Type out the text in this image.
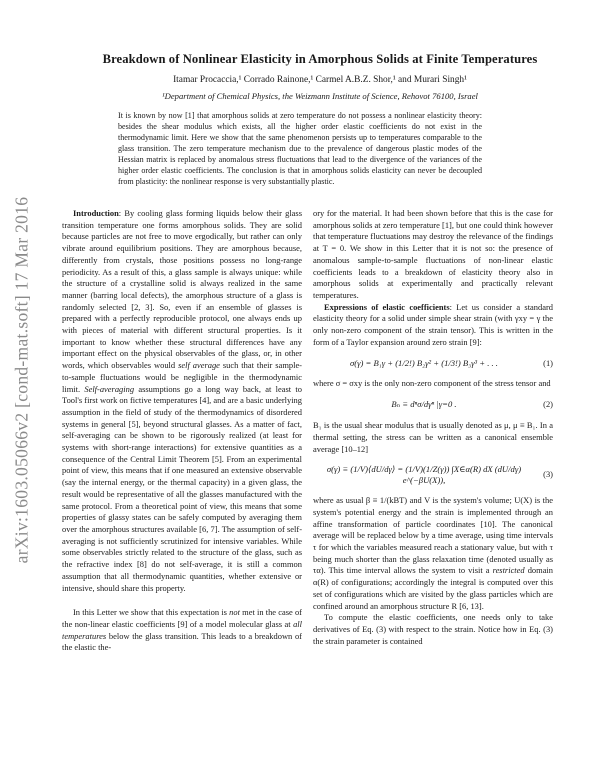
arXiv:1603.05066v2 [cond-mat.soft] 17 Mar 2016
Breakdown of Nonlinear Elasticity in Amorphous Solids at Finite Temperatures
Itamar Procaccia,¹ Corrado Rainone,¹ Carmel A.B.Z. Shor,¹ and Murari Singh¹
¹Department of Chemical Physics, the Weizmann Institute of Science, Rehovot 76100, Israel
It is known by now [1] that amorphous solids at zero temperature do not possess a nonlinear elasticity theory: besides the shear modulus which exists, all the higher order elastic coefficients do not exist in the thermodynamic limit. Here we show that the same phenomenon persists up to temperatures comparable to the glass transition. The zero temperature mechanism due to the prevalence of dangerous plastic modes of the Hessian matrix is replaced by anomalous stress fluctuations that lead to the divergence of the variances of the higher order elastic coefficients. The conclusion is that in amorphous solids elasticity can never be decoupled from plasticity: the nonlinear response is very substantially plastic.

Introduction: By cooling glass forming liquids below their glass transition temperature one forms amorphous solids. They are solid because particles are not free to move ergodically, but rather can only vibrate around equilibrium positions. They are amorphous because, differently from crystals, those positions possess no long-range periodicity. As a result of this, a glass sample is always unique: while the structure of a crystalline solid is always realized in the same manner (barring local defects), the amorphous structure of a glass is randomly selected [2, 3]. So, even if an ensemble of glasses is prepared with a perfectly reproducible protocol, one always ends up with pieces of material with different structural properties. Is it important to know whether these structural differences have any important effect on the physical observables of the glass, or, in other words, which observables would self average such that their sample-to-sample fluctuations would be negligible in the thermodynamic limit. Self-averaging assumptions go a long way back, at least to Tool's first work on fictive temperatures [4], and are a basic underlying assumption in the field of study of the thermodynamics of disordered systems in general [5], beyond structural glasses. As a matter of fact, self-averaging can be shown to be rigorously realized (at least for systems with short-range interactions) for extensive quantities as a consequence of the Central Limit Theorem [5]. From an experimental point of view, this means that if one measured an extensive observable (say the internal energy, or the thermal capacity) in a given glass, the result would be representative of all the glasses manufactured with the same protocol. From a theoretical point of view, this means that some properties of glassy states can be safely computed by averaging them over the amorphous structures available [6, 7]. The assumption of self-averaging is not sufficiently scrutinized for intensive variables. While some observables strictly related to the structure of the glass, such as the refractive index [8] do not self-average, it is still a common assumption that all thermodynamic quantities, whether extensive or intensive, should share this property.

In this Letter we show that this expectation is not met in the case of the non-linear elastic coefficients [9] of a model molecular glass at all temperatures below the glass transition. This leads to a breakdown of the elastic the-

ory for the material. It had been shown before that this is the case for amorphous solids at zero temperature [1], but one could think however that temperature fluctuations may destroy the relevance of the findings at T = 0. We show in this Letter that it is not so: the presence of anomalous sample-to-sample fluctuations of non-linear elastic coefficients leads to a breakdown of elasticity theory also in amorphous solids at experimentally and practically relevant temperatures.

Expressions of elastic coefficients: Let us consider a standard elasticity theory for a solid under simple shear strain (with γxy = γ the only non-zero component of the strain tensor). This is written in the form of a Taylor expansion around zero strain [9]:

σ(γ) = B₁γ + (1/2!) B₂γ² + (1/3!) B₃γ³ + . . .	(1)

where σ = σxy is the only non-zero component of the stress tensor and

Bₙ ≡ dⁿσ/dγⁿ |γ=0 .	(2)

B₁ is the usual shear modulus that is usually denoted as μ, μ ≡ B₁. In a thermal setting, the stress can be written as a canonical ensemble average [10–12]

σ(γ) ≡ (1/V)⟨dU/dγ⟩ = (1/V)(1/Z(γ)) ∫X∈α(R) dX (dU/dγ) e^(−βU(X)),
(3)

where as usual β ≡ 1/(kBT) and V is the system's volume; U(X) is the system's potential energy and the strain is implemented through an affine transformation of particle coordinates [10]. The canonical average will be replaced below by a time average, using time intervals τ for which the variables measured reach a stationary value, but with τ being much shorter than the glass relaxation time (denoted usually as τα). This time interval allows the system to visit a restricted domain α(R) of configurations; accordingly the integral is computed over this set of configurations which are visited by the glass particles which are confined around an amorphous structure R [6, 13].

To compute the elastic coefficients, one needs only to take derivatives of Eq. (3) with respect to the strain. Notice how in Eq. (3) the strain parameter is contained
